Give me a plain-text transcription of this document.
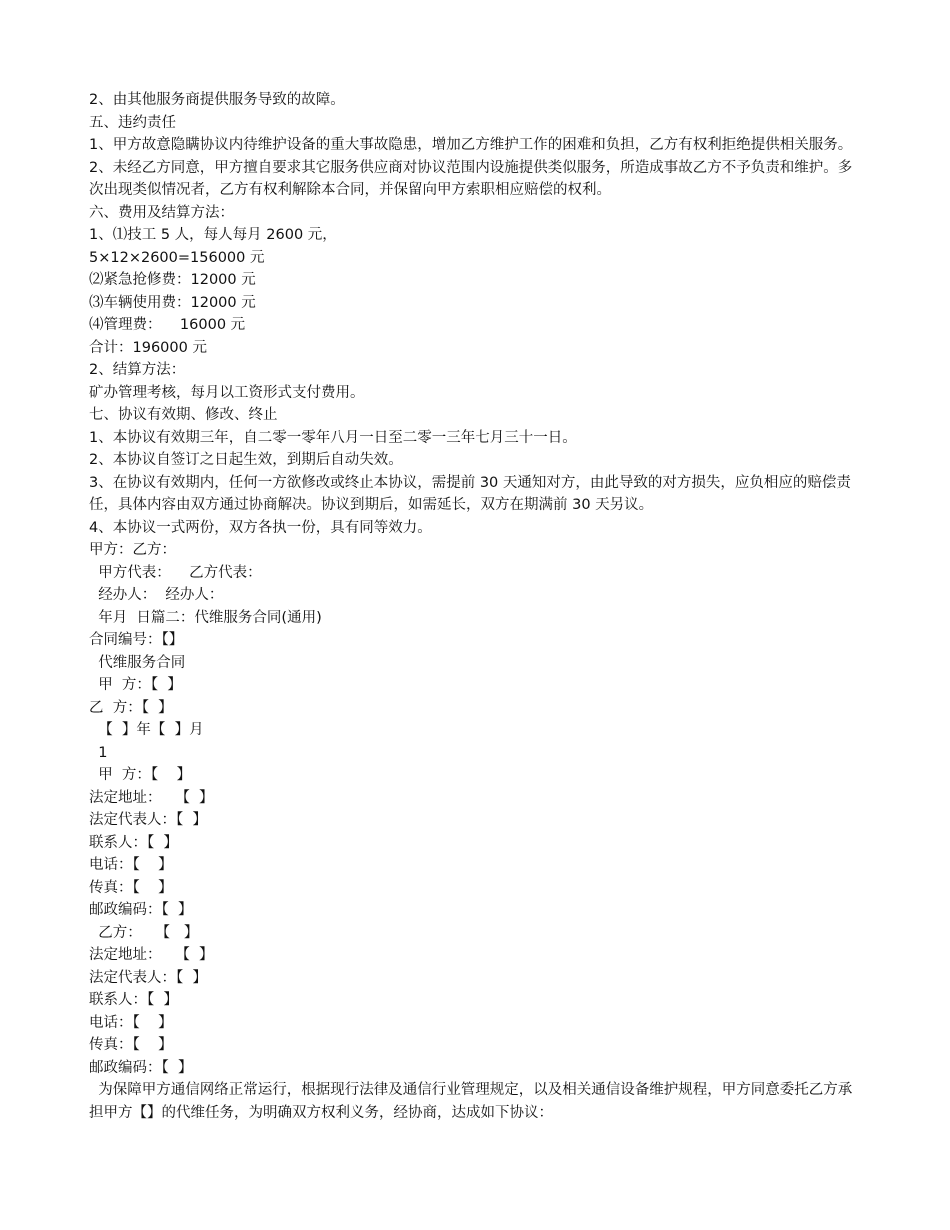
2、由其他服务商提供服务导致的故障。
五、违约责任
1、甲方故意隐瞒协议内待维护设备的重大事故隐患，增加乙方维护工作的困难和负担，乙方有权利拒绝提供相关服务。
2、未经乙方同意，甲方擅自要求其它服务供应商对协议范围内设施提供类似服务，所造成事故乙方不予负责和维护。多次出现类似情况者，乙方有权利解除本合同，并保留向甲方索职相应赔偿的权利。
六、费用及结算方法：
1、⑴技工 5 人，每人每月 2600 元，
5×12×2600=156000 元
⑵紧急抢修费：12000 元
⑶车辆使用费：12000 元
⑷管理费：    16000 元
合计：196000 元
2、结算方法：
矿办管理考核，每月以工资形式支付费用。
七、协议有效期、修改、终止
1、本协议有效期三年，自二零一零年八月一日至二零一三年七月三十一日。
2、本协议自签订之日起生效，到期后自动失效。
3、在协议有效期内，任何一方欲修改或终止本协议，需提前 30 天通知对方，由此导致的对方损失，应负相应的赔偿责任，具体内容由双方通过协商解决。协议到期后，如需延长，双方在期满前 30 天另议。
4、本协议一式两份，双方各执一份，具有同等效力。
甲方：乙方：
甲方代表：    乙方代表：
经办人：  经办人：
年月  日篇二：代维服务合同(通用)
合同编号：【】
代维服务合同
甲  方：【  】
乙  方：【  】
【  】年【  】月
1
甲  方：【    】
法定地址：   【  】
法定代表人：【  】
联系人：【  】
电话：【    】
传真：【    】
邮政编码：【  】
乙方：   【   】
法定地址：   【  】
法定代表人：【  】
联系人：【  】
电话：【    】
传真：【    】
邮政编码：【  】
为保障甲方通信网络正常运行，根据现行法律及通信行业管理规定，以及相关通信设备维护规程，甲方同意委托乙方承担甲方【】的代维任务，为明确双方权利义务，经协商，达成如下协议：
